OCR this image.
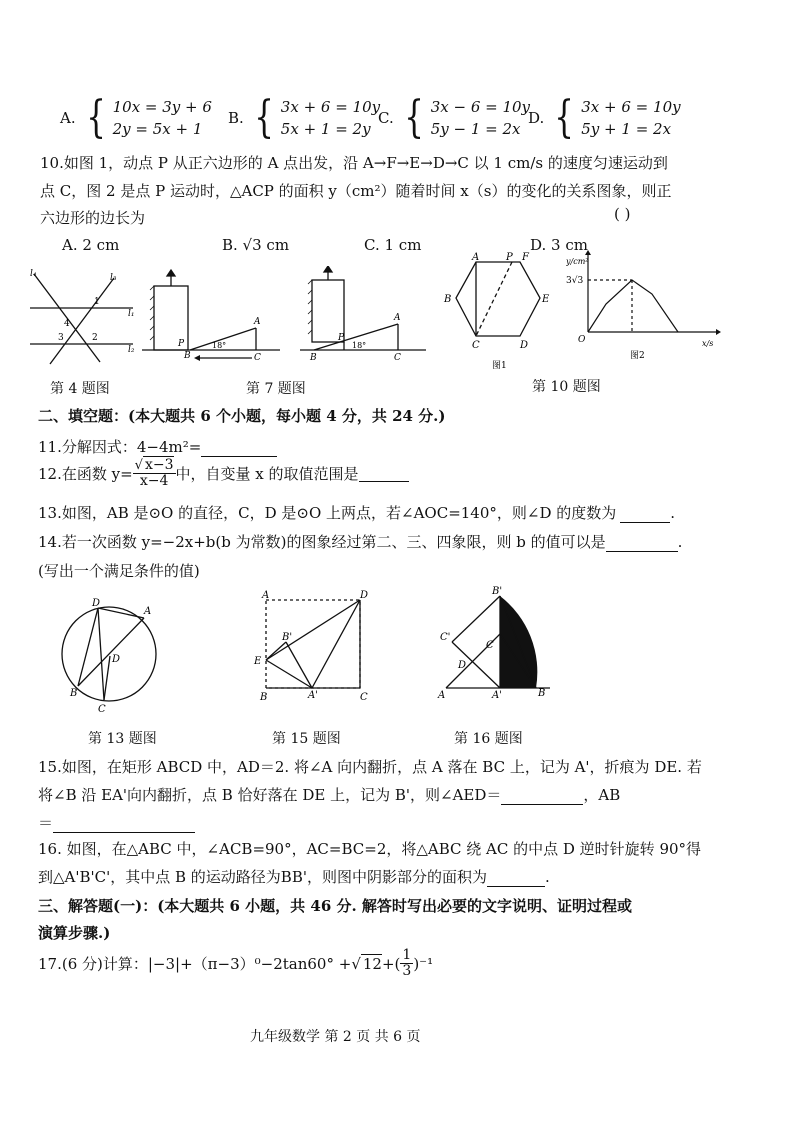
A. { 10x = 3y + 6
2y = 5x + 1
B. { 3x + 6 = 10y
5x + 1 = 2y
C. { 3x − 6 = 10y
5y − 1 = 2x
D. { 3x + 6 = 10y
5y + 1 = 2x
10.如图 1，动点 P 从正六边形的 A 点出发，沿 A→F→E→D→C 以 1 cm/s 的速度匀速运动到
点 C，图 2 是点 P 运动时，△ACP 的面积 y（cm²）随着时间 x（s）的变化的关系图象，则正
六边形的边长为	( )
A. 2 cm	B. √3 cm	C. 1 cm	D. 3 cm
l₄	l₃
l₁
l₂
1
2
3
4
第 4 题图
P
B
A
C
18°
第 7 题图
P
B
A
C
18°
A	P F
B	E
C	D
图1
y/cm²
3√3
O	x/s
图2
第 10 题图
二、填空题：(本大题共 6 个小题，每小题 4 分，共 24 分.)
11.分解因式：4−4m²=
12.在函数 $y= \frac{√ x-3}{x-4}$ 中，自变量 x 的取值范围是
13.如图，AB 是⊙O 的直径，C，D 是⊙O 上两点，若∠AOC=140°，则∠D 的度数为	.
14.若一次函数 y=−2x+b(b 为常数)的图象经过第二、三、四象限，则 b 的值可以是	.
(写出一个满足条件的值)
D
A
D
B
C
第 13 题图
A	D
B'
E
B	A'	C
第 15 题图
B'
C'
C
D
A	A'	B
第 16 题图
15.如图，在矩形 ABCD 中，AD＝2. 将∠A 向内翻折，点 A 落在 BC 上，记为 A'，折痕为 DE. 若
将∠B 沿 EA'向内翻折，点 B 恰好落在 DE 上，记为 B'，则∠AED＝	，AB
＝
16. 如图，在△ABC 中，∠ACB=90°，AC=BC=2，将△ABC 绕 AC 的中点 D 逆时针旋转 90°得
到△A'B'C'，其中点 B 的运动路径为BB'，则图中阴影部分的面积为	.
三、解答题(一)：(本大题共 6 小题，共 46 分. 解答时写出必要的文字说明、证明过程或
演算步骤.)
17.(6 分)计算：|−3|+（π−3）⁰−2tan60° + √ 12 +( $\frac{1}{3} )^{-1}$
九年级数学 第 2 页 共 6 页
